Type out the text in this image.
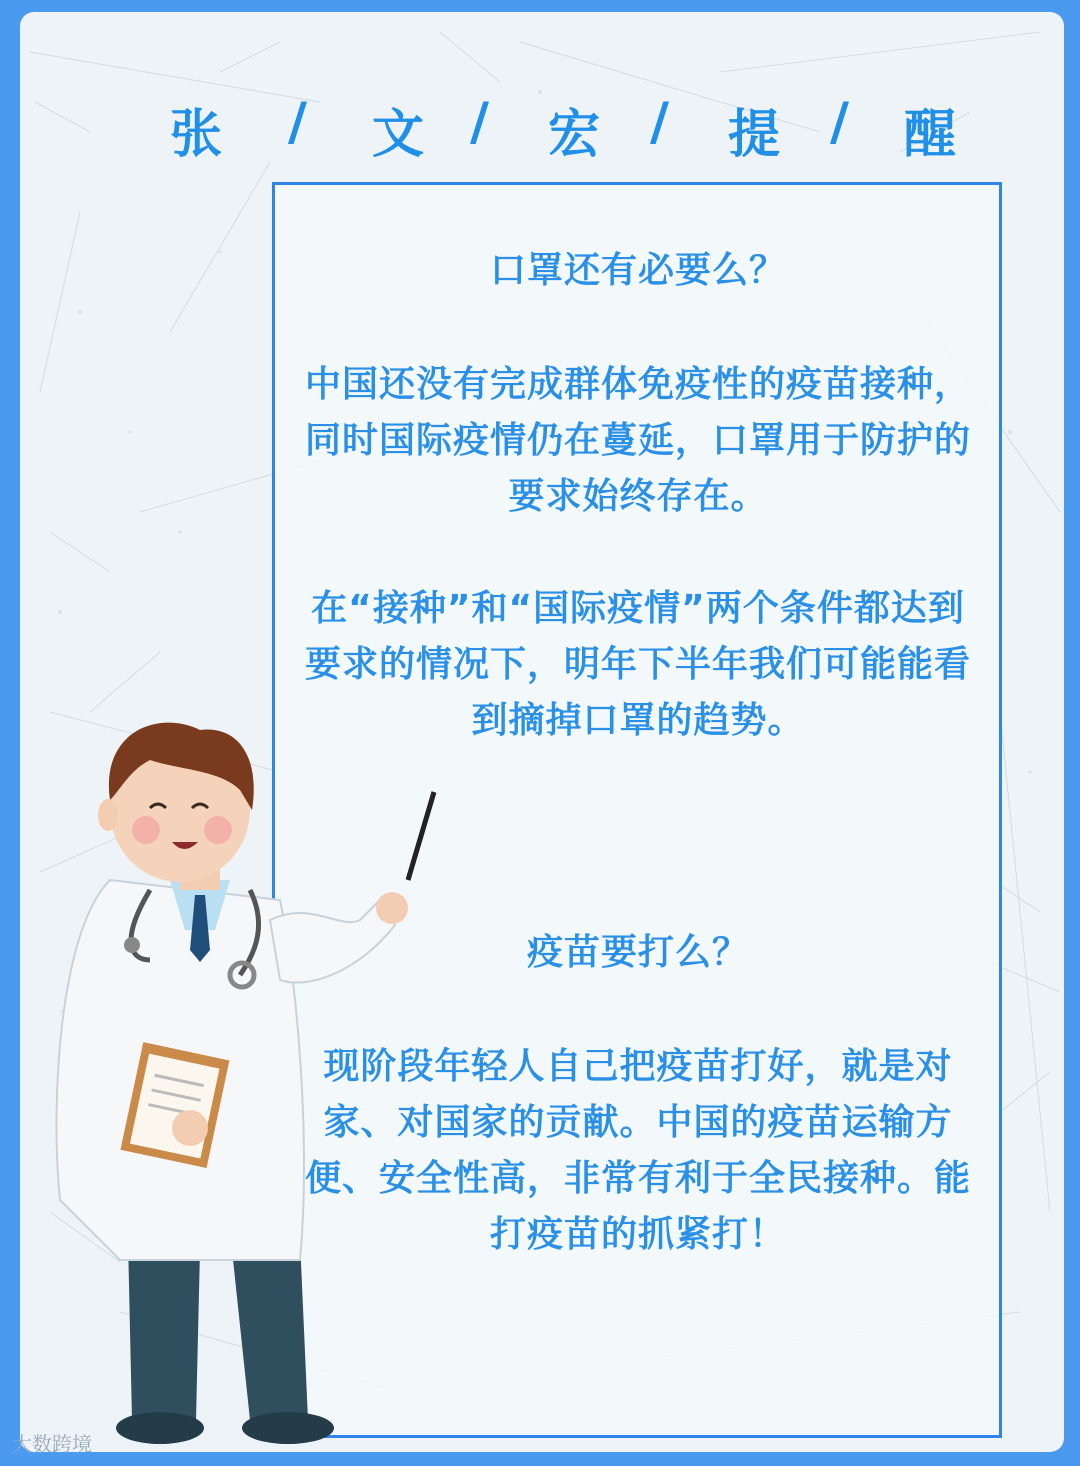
张 / 文 / 宏 / 提 / 醒
口罩还有必要么？
中国还没有完成群体免疫性的疫苗接种，同时国际疫情仍在蔓延，口罩用于防护的要求始终存在。
在“接种”和“国际疫情”两个条件都达到要求的情况下，明年下半年我们可能能看到摘掉口罩的趋势。
疫苗要打么？
现阶段年轻人自己把疫苗打好，就是对家、对国家的贡献。中国的疫苗运输方便、安全性高，非常有利于全民接种。能打疫苗的抓紧打！
大数跨境
